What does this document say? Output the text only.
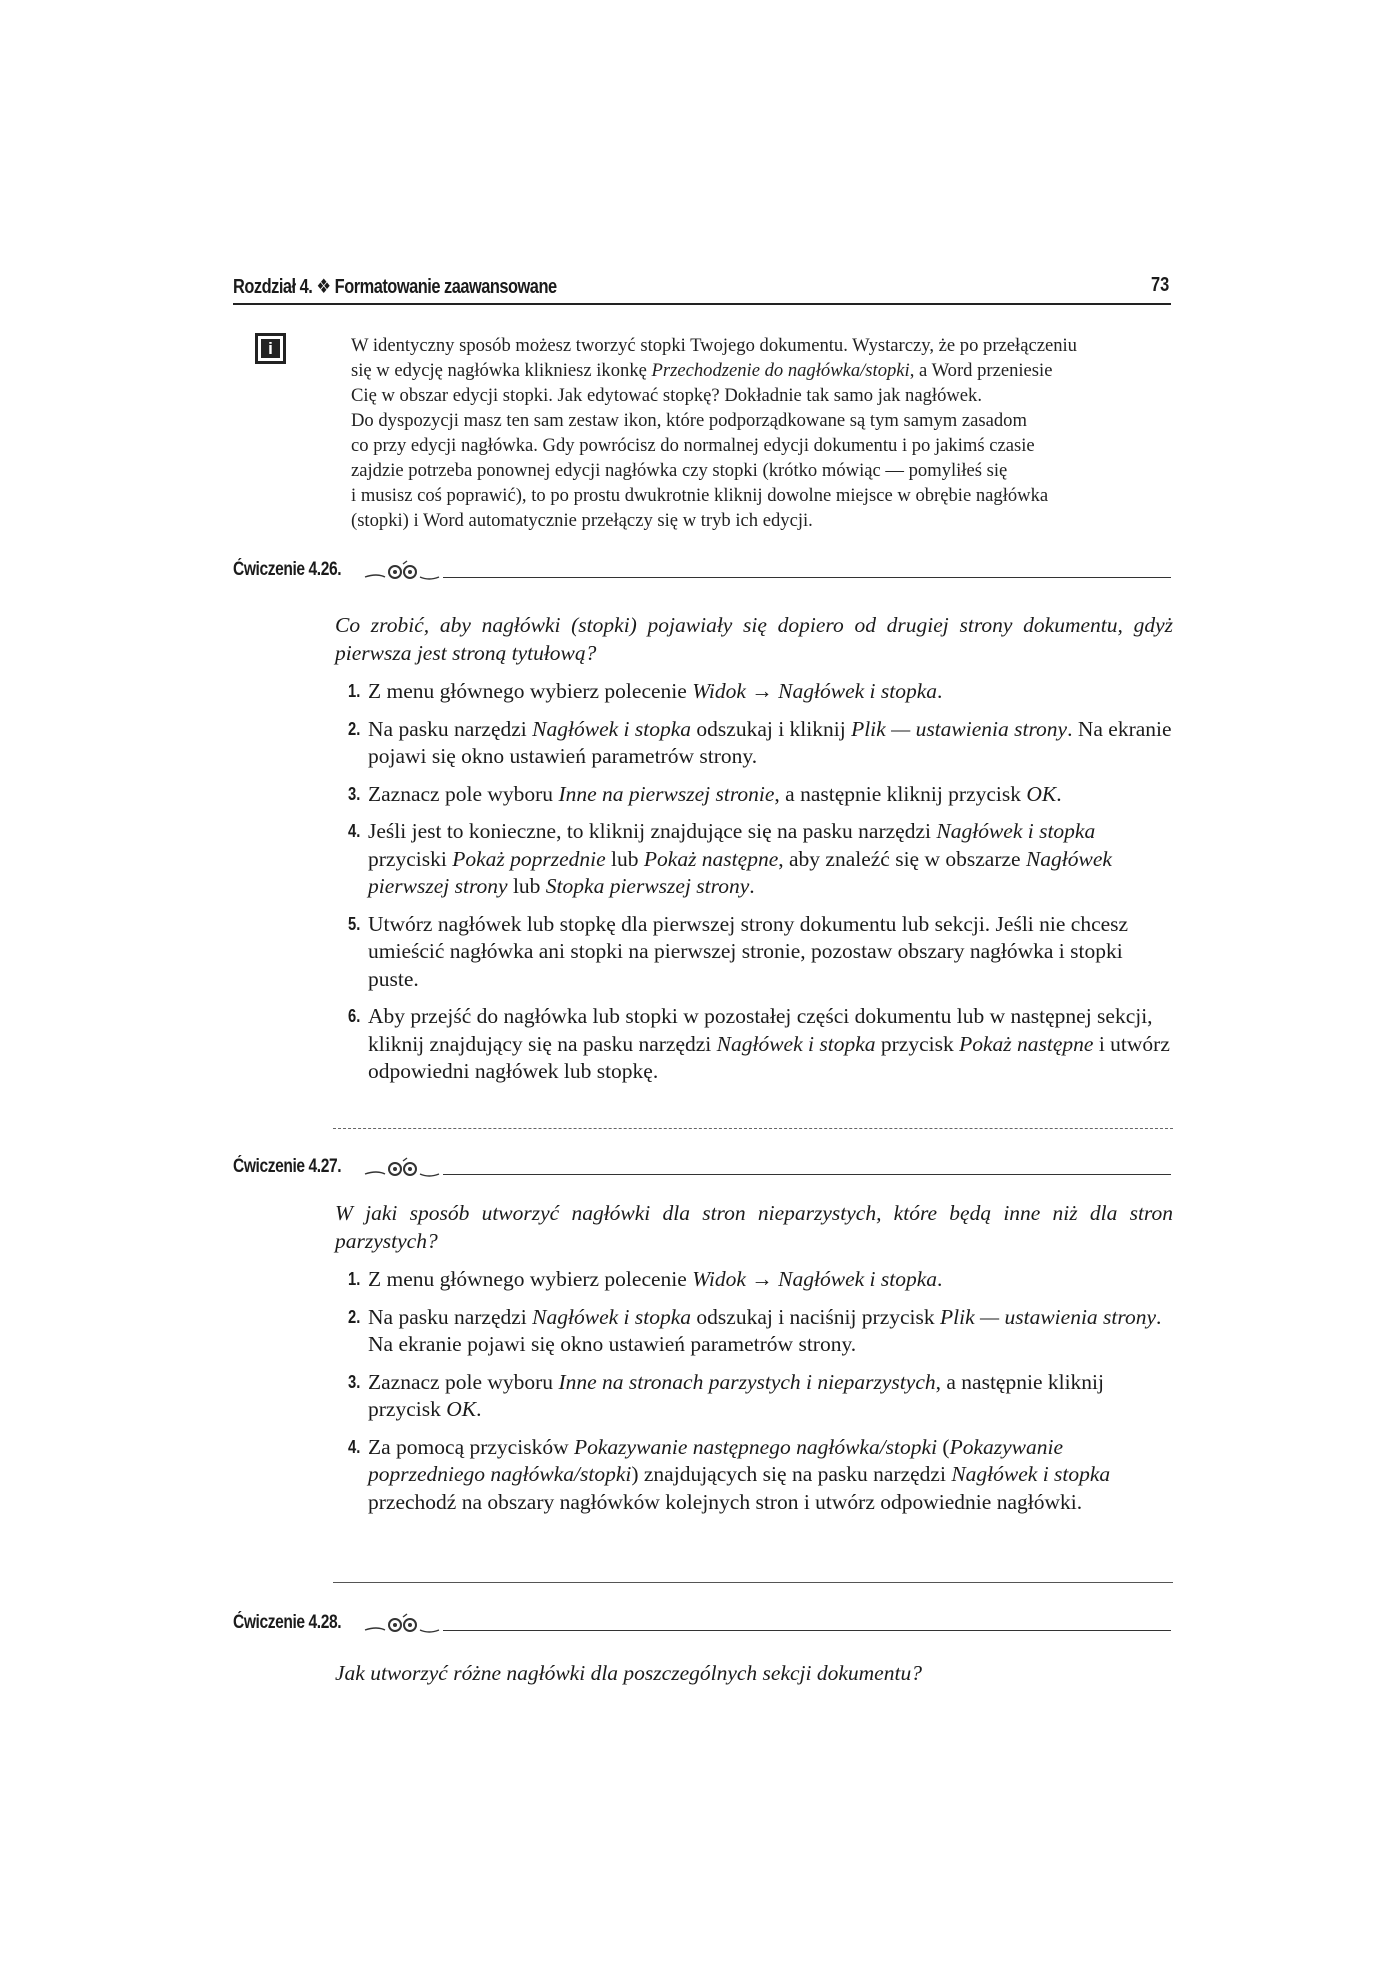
Rozdział 4. ❖ Formatowanie zaawansowane	73
i	W identyczny sposób możesz tworzyć stopki Twojego dokumentu. Wystarczy, że po przełączeniu

się w edycję nagłówka klikniesz ikonkę Przechodzenie do nagłówka/stopki, a Word przeniesie

Cię w obszar edycji stopki. Jak edytować stopkę? Dokładnie tak samo jak nagłówek.

Do dyspozycji masz ten sam zestaw ikon, które podporządkowane są tym samym zasadom

co przy edycji nagłówka. Gdy powrócisz do normalnej edycji dokumentu i po jakimś czasie

zajdzie potrzeba ponownej edycji nagłówka czy stopki (krótko mówiąc — pomyliłeś się

i musisz coś poprawić), to po prostu dwukrotnie kliknij dowolne miejsce w obrębie nagłówka

(stopki) i Word automatycznie przełączy się w tryb ich edycji.

Ćwiczenie 4.26.
Co zrobić, aby nagłówki (stopki) pojawiały się dopiero od drugiej strony dokumentu, gdyż pierwsza jest stroną tytułową?
1. Z menu głównego wybierz polecenie Widok → Nagłówek i stopka.
2. Na pasku narzędzi Nagłówek i stopka odszukaj i kliknij Plik — ustawienia strony. Na ekranie pojawi się okno ustawień parametrów strony.
3. Zaznacz pole wyboru Inne na pierwszej stronie, a następnie kliknij przycisk OK.
4. Jeśli jest to konieczne, to kliknij znajdujące się na pasku narzędzi Nagłówek i stopka przyciski Pokaż poprzednie lub Pokaż następne, aby znaleźć się w obszarze Nagłówek pierwszej strony lub Stopka pierwszej strony.
5. Utwórz nagłówek lub stopkę dla pierwszej strony dokumentu lub sekcji. Jeśli nie chcesz umieścić nagłówka ani stopki na pierwszej stronie, pozostaw obszary nagłówka i stopki puste.
6. Aby przejść do nagłówka lub stopki w pozostałej części dokumentu lub w następnej sekcji, kliknij znajdujący się na pasku narzędzi Nagłówek i stopka przycisk Pokaż następne i utwórz odpowiedni nagłówek lub stopkę.
Ćwiczenie 4.27.
W jaki sposób utworzyć nagłówki dla stron nieparzystych, które będą inne niż dla stron parzystych?
1. Z menu głównego wybierz polecenie Widok → Nagłówek i stopka.
2. Na pasku narzędzi Nagłówek i stopka odszukaj i naciśnij przycisk Plik — ustawienia strony. Na ekranie pojawi się okno ustawień parametrów strony.
3. Zaznacz pole wyboru Inne na stronach parzystych i nieparzystych, a następnie kliknij przycisk OK.
4. Za pomocą przycisków Pokazywanie następnego nagłówka/stopki (Pokazywanie poprzedniego nagłówka/stopki) znajdujących się na pasku narzędzi Nagłówek i stopka przechodź na obszary nagłówków kolejnych stron i utwórz odpowiednie nagłówki.
Ćwiczenie 4.28.
Jak utworzyć różne nagłówki dla poszczególnych sekcji dokumentu?
